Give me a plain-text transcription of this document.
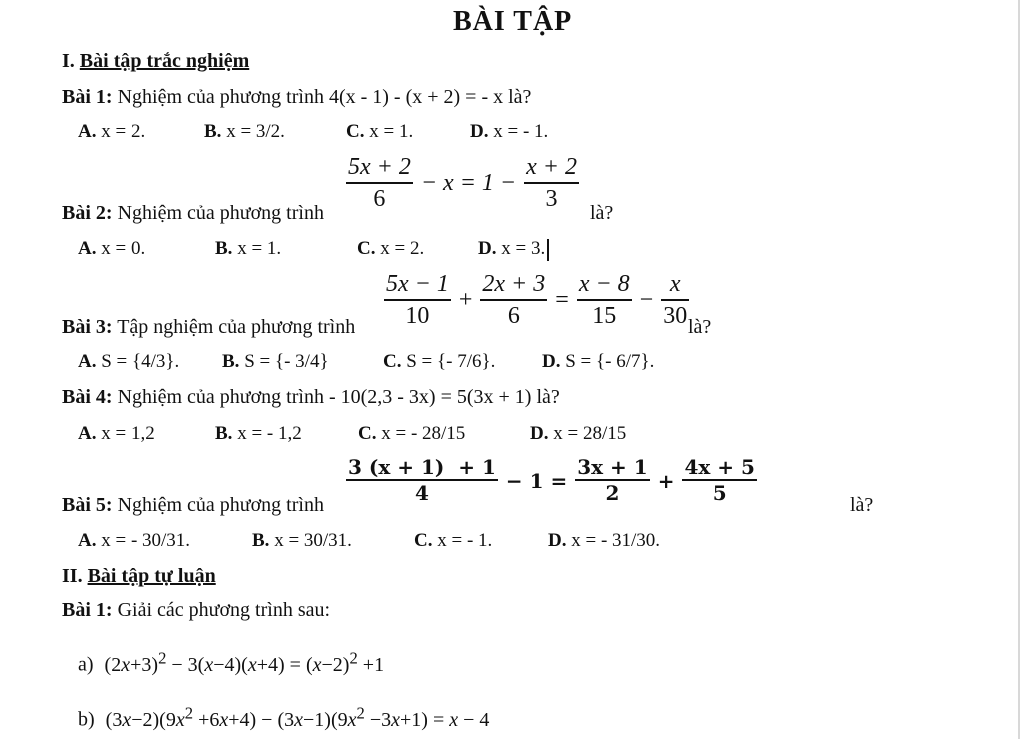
BÀI TẬP
I. Bài tập trắc nghiệm
Bài 1: Nghiệm của phương trình 4(x - 1) - (x + 2) = - x là?
A. x = 2.	B. x = 3/2.	C. x = 1.	D. x = - 1.
Bài 2: Nghiệm của phương trình $\frac{5x + 2}{6} - x = 1 - \frac{x + 2}{3}$ là?
A. x = 0.	B. x = 1.	C. x = 2.	D. x = 3.
Bài 3: Tập nghiệm của phương trình $\frac{5x - 1}{10} + \frac{2x + 3}{6} = \frac{x - 8}{15} - \frac{x}{30}$
là?
A. S = {4/3}. B. S = {- 3/4}	C. S = {- 7/6}. D. S = {- 6/7}.
Bài 4: Nghiệm của phương trình - 10(2,3 - 3x) = 5(3x + 1) là?
A. x = 1,2	B. x = - 1,2	C. x = - 28/15	D. x = 28/15
Bài 5: Nghiệm của phương trình $\frac{3 (x + 1) + 1}{4} - 1 = \frac{3x + 1}{2} + \frac{4x + 5}{5}$	là?
A. x = - 30/31.	B. x = 30/31.	C. x = - 1.	D. x = - 31/30.
II. Bài tập tự luận
Bài 1: Giải các phương trình sau:
a) $(2x+3)^2 - 3(x-4)(x+4) = (x-2)^2 +1$
b) $(3x-2)(9x^2 +6x+4) - (3x-1)(9x^2 -3x+1) = x - 4$
